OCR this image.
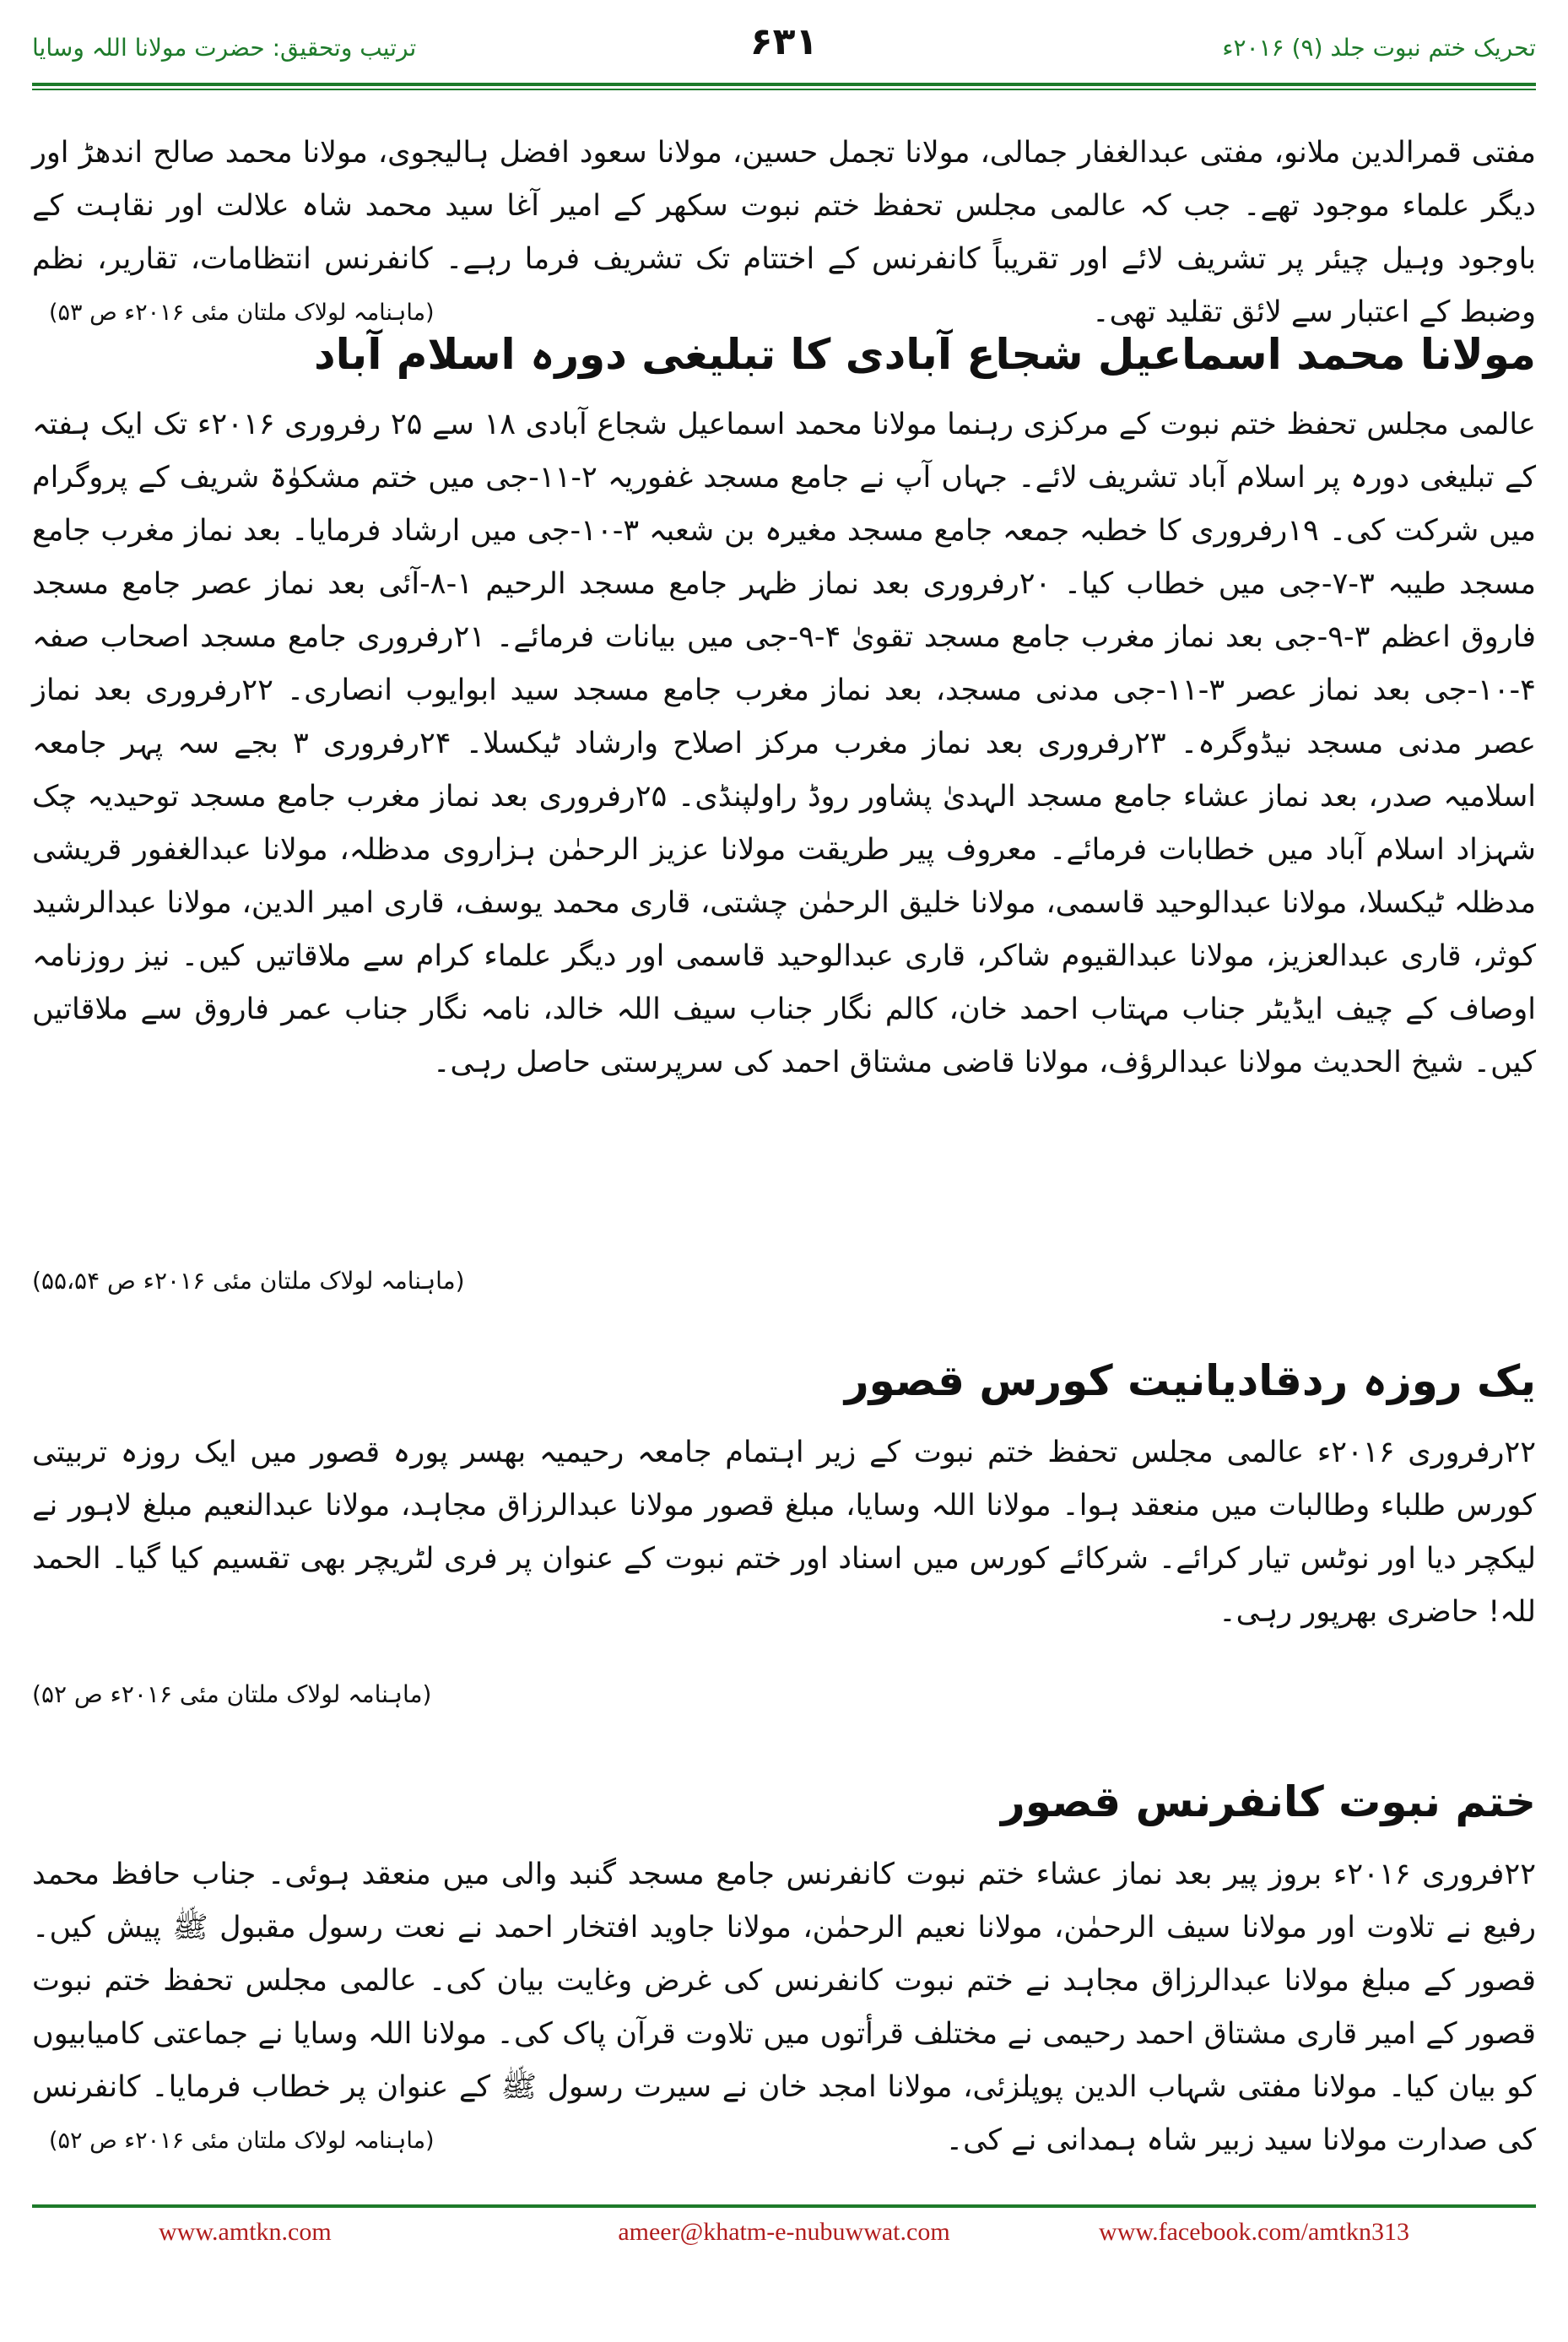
تحریک ختم نبوت جلد (۹) ۲۰۱۶ء
۶۳۱
ترتیب وتحقیق: حضرت مولانا اللہ وسایا

مفتی قمرالدین ملانو، مفتی عبدالغفار جمالی، مولانا تجمل حسین، مولانا سعود افضل ہالیجوی، مولانا محمد صالح اندھڑ اور دیگر علماء موجود تھے۔ جب کہ عالمی مجلس تحفظ ختم نبوت سکھر کے امیر آغا سید محمد شاہ علالت اور نقاہت کے باوجود وہیل چیئر پر تشریف لائے اور تقریباً کانفرنس کے اختتام تک تشریف فرما رہے۔ کانفرنس انتظامات، تقاریر، نظم وضبط کے اعتبار سے لائق تقلید تھی۔
(ماہنامہ لولاک ملتان مئی ۲۰۱۶ء ص ۵۳)

مولانا محمد اسماعیل شجاع آبادی کا تبلیغی دورہ اسلام آباد

عالمی مجلس تحفظ ختم نبوت کے مرکزی رہنما مولانا محمد اسماعیل شجاع آبادی ۱۸ سے ۲۵ رفروری ۲۰۱۶ء تک ایک ہفتہ کے تبلیغی دورہ پر اسلام آباد تشریف لائے۔ جہاں آپ نے جامع مسجد غفوریہ ۲-۱۱-جی میں ختم مشکوٰۃ شریف کے پروگرام میں شرکت کی۔ ۱۹رفروری کا خطبہ جمعہ جامع مسجد مغیرہ بن شعبہ ۳-۱۰-جی میں ارشاد فرمایا۔ بعد نماز مغرب جامع مسجد طیبہ ۳-۷-جی میں خطاب کیا۔ ۲۰رفروری بعد نماز ظہر جامع مسجد الرحیم ۱-۸-آئی بعد نماز عصر جامع مسجد فاروق اعظم ۳-۹-جی بعد نماز مغرب جامع مسجد تقویٰ ۴-۹-جی میں بیانات فرمائے۔ ۲۱رفروری جامع مسجد اصحاب صفہ ۴-۱۰-جی بعد نماز عصر ۳-۱۱-جی مدنی مسجد، بعد نماز مغرب جامع مسجد سید ابوایوب انصاری۔ ۲۲رفروری بعد نماز عصر مدنی مسجد نیڈوگرہ۔ ۲۳رفروری بعد نماز مغرب مرکز اصلاح وارشاد ٹیکسلا۔ ۲۴رفروری ۳ بجے سہ پہر جامعہ اسلامیہ صدر، بعد نماز عشاء جامع مسجد الہدیٰ پشاور روڈ راولپنڈی۔ ۲۵رفروری بعد نماز مغرب جامع مسجد توحیدیہ چک شہزاد اسلام آباد میں خطابات فرمائے۔ معروف پیر طریقت مولانا عزیز الرحمٰن ہزاروی مدظلہ، مولانا عبدالغفور قریشی مدظلہ ٹیکسلا، مولانا عبدالوحید قاسمی، مولانا خلیق الرحمٰن چشتی، قاری محمد یوسف، قاری امیر الدین، مولانا عبدالرشید کوثر، قاری عبدالعزیز، مولانا عبدالقیوم شاکر، قاری عبدالوحید قاسمی اور دیگر علماء کرام سے ملاقاتیں کیں۔ نیز روزنامہ اوصاف کے چیف ایڈیٹر جناب مہتاب احمد خان، کالم نگار جناب سیف اللہ خالد، نامہ نگار جناب عمر فاروق سے ملاقاتیں کیں۔ شیخ الحدیث مولانا عبدالرؤف، مولانا قاضی مشتاق احمد کی سرپرستی حاصل رہی۔

(ماہنامہ لولاک ملتان مئی ۲۰۱۶ء ص ۵۵،۵۴)

یک روزہ ردقادیانیت کورس قصور

۲۲رفروری ۲۰۱۶ء عالمی مجلس تحفظ ختم نبوت کے زیر اہتمام جامعہ رحیمیہ بھسر پورہ قصور میں ایک روزہ تربیتی کورس طلباء وطالبات میں منعقد ہوا۔ مولانا اللہ وسایا، مبلغ قصور مولانا عبدالرزاق مجاہد، مولانا عبدالنعیم مبلغ لاہور نے لیکچر دیا اور نوٹس تیار کرائے۔ شرکائے کورس میں اسناد اور ختم نبوت کے عنوان پر فری لٹریچر بھی تقسیم کیا گیا۔ الحمد للہ! حاضری بھرپور رہی۔

(ماہنامہ لولاک ملتان مئی ۲۰۱۶ء ص ۵۲)

ختم نبوت کانفرنس قصور

۲۲فروری ۲۰۱۶ء بروز پیر بعد نماز عشاء ختم نبوت کانفرنس جامع مسجد گنبد والی میں منعقد ہوئی۔ جناب حافظ محمد رفیع نے تلاوت اور مولانا سیف الرحمٰن، مولانا نعیم الرحمٰن، مولانا جاوید افتخار احمد نے نعت رسول مقبول ﷺ پیش کیں۔ قصور کے مبلغ مولانا عبدالرزاق مجاہد نے ختم نبوت کانفرنس کی غرض وغایت بیان کی۔ عالمی مجلس تحفظ ختم نبوت قصور کے امیر قاری مشتاق احمد رحیمی نے مختلف قرأتوں میں تلاوت قرآن پاک کی۔ مولانا اللہ وسایا نے جماعتی کامیابیوں کو بیان کیا۔ مولانا مفتی شہاب الدین پوپلزئی، مولانا امجد خان نے سیرت رسول ﷺ کے عنوان پر خطاب فرمایا۔ کانفرنس کی صدارت مولانا سید زبیر شاہ ہمدانی نے کی۔
(ماہنامہ لولاک ملتان مئی ۲۰۱۶ء ص ۵۲)

www.amtkn.com	ameer@khatm-e-nubuwwat.com	www.facebook.com/amtkn313
